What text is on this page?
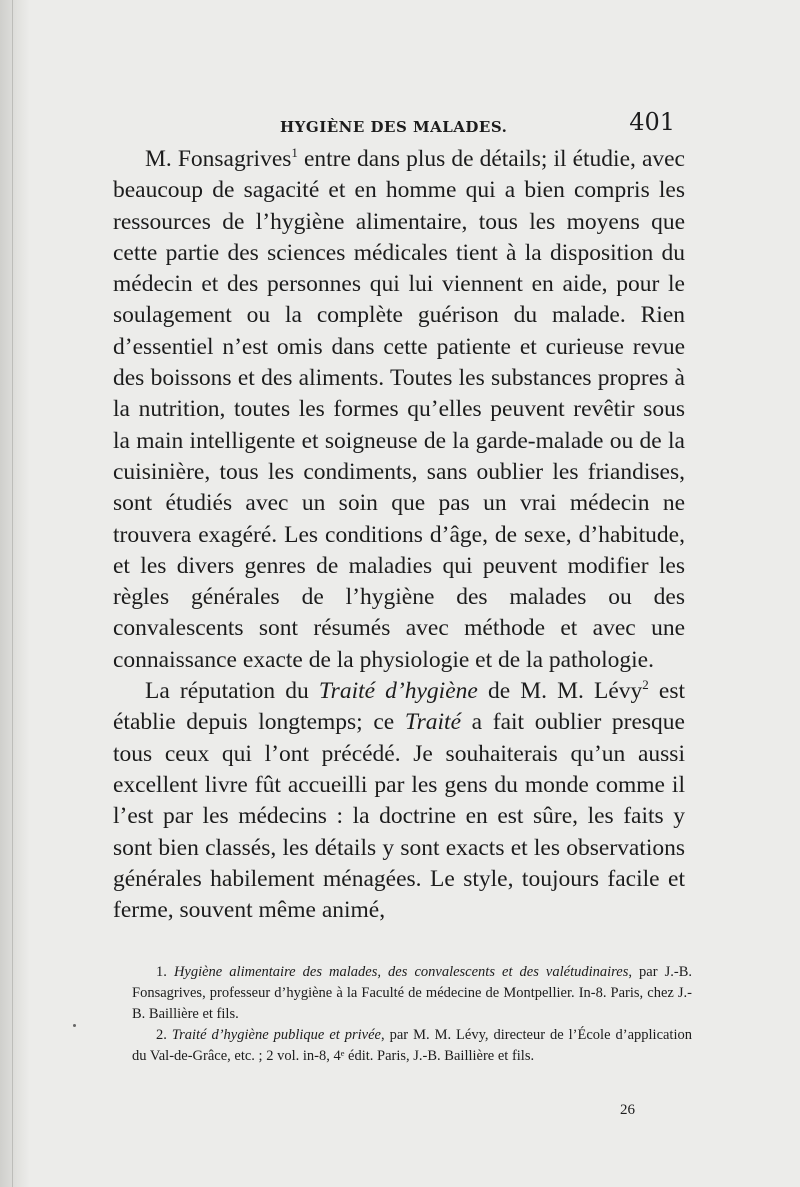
HYGIÈNE DES MALADES.	401

M. Fonsagrives$^1$ entre dans plus de détails; il étudie, avec beaucoup de sagacité et en homme qui a bien compris les ressources de l’hygiène alimentaire, tous les moyens que cette partie des sciences médicales tient à la disposition du médecin et des personnes qui lui viennent en aide, pour le soulagement ou la complète guérison du malade. Rien d’essentiel n’est omis dans cette patiente et curieuse revue des boissons et des aliments. Toutes les substances propres à la nutrition, toutes les formes qu’elles peuvent revêtir sous la main intelligente et soigneuse de la garde-malade ou de la cuisinière, tous les condiments, sans oublier les friandises, sont étudiés avec un soin que pas un vrai médecin ne trouvera exagéré. Les conditions d’âge, de sexe, d’habitude, et les divers genres de maladies qui peuvent modifier les règles générales de l’hygiène des malades ou des convalescents sont résumés avec méthode et avec une connaissance exacte de la physiologie et de la pathologie.

La réputation du Traité d’hygiène de M. M. Lévy$^2$ est établie depuis longtemps; ce Traité a fait oublier presque tous ceux qui l’ont précédé. Je souhaiterais qu’un aussi excellent livre fût accueilli par les gens du monde comme il l’est par les médecins : la doctrine en est sûre, les faits y sont bien classés, les détails y sont exacts et les observations générales habilement ménagées. Le style, toujours facile et ferme, souvent même animé,

1. Hygiène alimentaire des malades, des convalescents et des valétudinaires, par J.-B. Fonsagrives, professeur d’hygiène à la Faculté de médecine de Montpellier. In-8. Paris, chez J.-B. Baillière et fils.

2. Traité d’hygiène publique et privée, par M. M. Lévy, directeur de l’École d’application du Val-de-Grâce, etc. ; 2 vol. in-8, 4ᵉ édit. Paris, J.-B. Baillière et fils.

26
